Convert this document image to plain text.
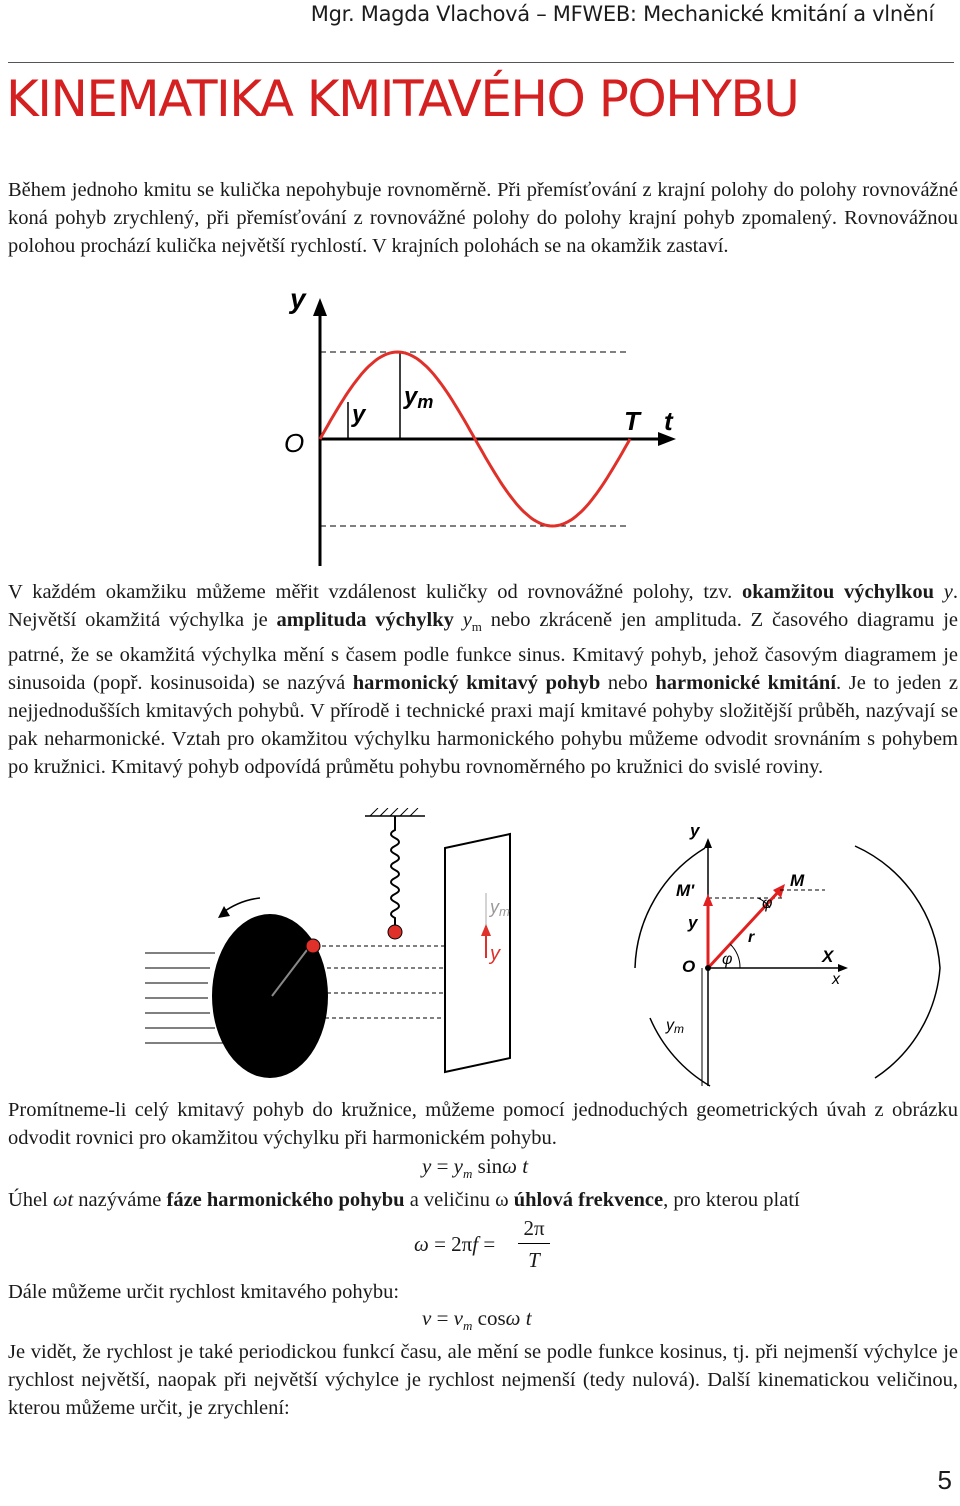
Mgr. Magda Vlachová – MFWEB: Mechanické kmitání a vlnění
KINEMATIKA KMITAVÉHO POHYBU
Během jednoho kmitu se kulička nepohybuje rovnoměrně. Při přemísťování z krajní polohy do polohy rovnovážné koná pohyb zrychlený, při přemísťování z rovnovážné polohy do polohy krajní pohyb zpomalený. Rovnovážnou polohou prochází kulička největší rychlostí. V krajních polohách se na okamžik zastaví.
y
O
y
ym
T t
V každém okamžiku můžeme měřit vzdálenost kuličky od rovnovážné polohy, tzv. okamžitou výchylkou y. Největší okamžitá výchylka je amplituda výchylky $y_m$ nebo zkráceně jen amplituda. Z časového diagramu je patrné, že se okamžitá výchylka mění s časem podle funkce sinus. Kmitavý pohyb, jehož časovým diagramem je sinusoida (popř. kosinusoida) se nazývá harmonický kmitavý pohyb nebo harmonické kmitání. Je to jeden z nejjednodušších kmitavých pohybů. V přírodě i technické praxi mají kmitavé pohyby složitější průběh, nazývají se pak neharmonické. Vztah pro okamžitou výchylku harmonického pohybu můžeme odvodit srovnáním s pohybem po kružnici. Kmitavý pohyb odpovídá průmětu pohybu rovnoměrného po kružnici do svislé roviny.
ym
y
y
M'
M
φ
y
r
O φ	X
x
ym
Promítneme-li celý kmitavý pohyb do kružnice, můžeme pomocí jednoduchých geometrických úvah z obrázku odvodit rovnici pro okamžitou výchylku při harmonickém pohybu.
$y = y_m$ sinω t
Úhel ωt nazýváme fáze harmonického pohybu a veličinu ω úhlová frekvence, pro kterou platí
ω = 2πf =
2π
T
Dále můžeme určit rychlost kmitavého pohybu:
$v = v_m$ cosω t
Je vidět, že rychlost je také periodickou funkcí času, ale mění se podle funkce kosinus, tj. při nejmenší výchylce je rychlost největší, naopak při největší výchylce je rychlost nejmenší (tedy nulová). Další kinematickou veličinou, kterou můžeme určit, je zrychlení:
5
